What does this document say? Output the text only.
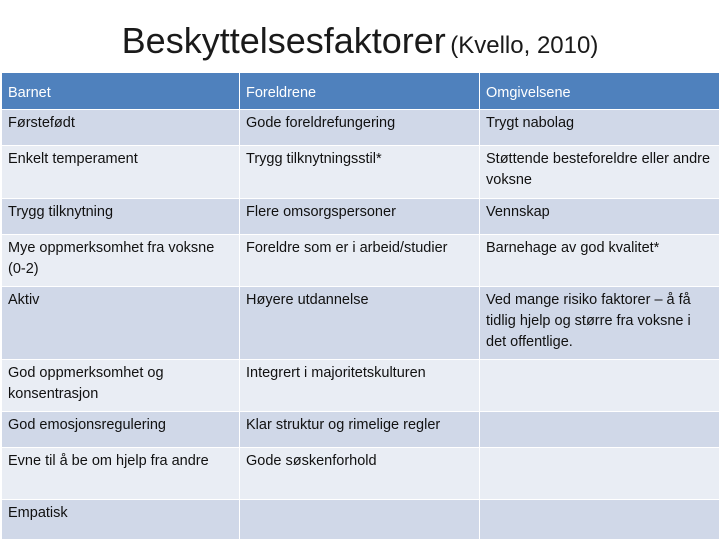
Beskyttelsesfaktorer (Kvello, 2010)
Barnet	Foreldrene	Omgivelsene
Førstefødt	Gode foreldrefungering	Trygt nabolag
Enkelt temperament	Trygg tilknytningsstil*	Støttende besteforeldre eller andre voksne
Trygg tilknytning	Flere omsorgspersoner	Vennskap
Mye oppmerksomhet fra voksne (0-2)	Foreldre som er i arbeid/studier	Barnehage av god kvalitet*
Aktiv	Høyere utdannelse	Ved mange risiko faktorer – å få tidlig hjelp og større fra voksne i det offentlige.
God oppmerksomhet og konsentrasjon	Integrert i majoritetskulturen	
God emosjonsregulering	Klar struktur og rimelige regler	
Evne til å be om hjelp fra andre	Gode søskenforhold	
Empatisk		
